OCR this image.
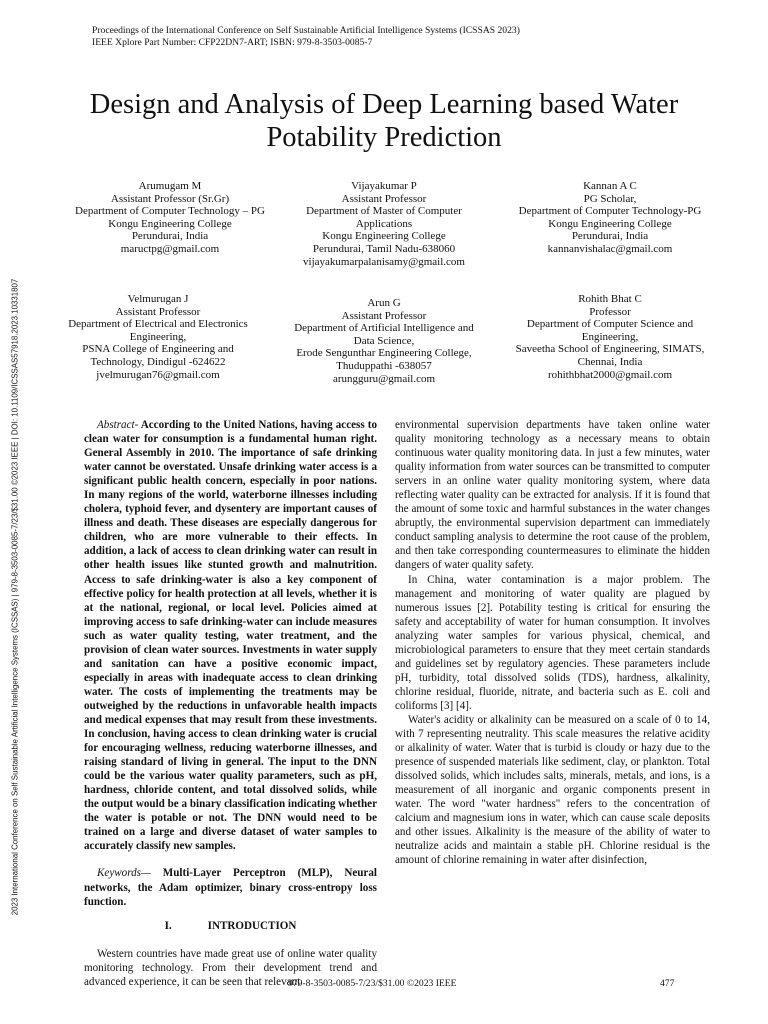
Proceedings of the International Conference on Self Sustainable Artificial Intelligence Systems (ICSSAS 2023)
IEEE Xplore Part Number: CFP22DN7-ART; ISBN: 979-8-3503-0085-7
Design and Analysis of Deep Learning based Water
Potability Prediction
Arumugam M
Assistant Professor (Sr.Gr)
Department of Computer Technology – PG
Kongu Engineering College
Perundurai, India
maructpg@gmail.com
Vijayakumar P
Assistant Professor
Department of Master of Computer
Applications
Kongu Engineering College
Perundurai, Tamil Nadu-638060
vijayakumarpalanisamy@gmail.com
Kannan A C
PG Scholar,
Department of Computer Technology-PG
Kongu Engineering College
Perundurai, India
kannanvishalac@gmail.com
Velmurugan J
Assistant Professor
Department of Electrical and Electronics
Engineering,
PSNA College of Engineering and
Technology, Dindigul -624622
jvelmurugan76@gmail.com
Arun G
Assistant Professor
Department of Artificial Intelligence and
Data Science,
Erode Sengunthar Engineering College,
Thuduppathi -638057
arungguru@gmail.com
Rohith Bhat C
Professor
Department of Computer Science and
Engineering,
Saveetha School of Engineering, SIMATS,
Chennai, India
rohithbhat2000@gmail.com
2023 International Conference on Self Sustainable Artificial Intelligence Systems (ICSSAS) | 979-8-3503-0085-7/23/$31.00 ©2023 IEEE | DOI: 10.1109/ICSSAS57918.2023.10331807	Abstract- According to the United Nations, having access to clean water for consumption is a fundamental human right. General Assembly in 2010. The importance of safe drinking water cannot be overstated. Unsafe drinking water access is a significant public health concern, especially in poor nations. In many regions of the world, waterborne illnesses including cholera, typhoid fever, and dysentery are important causes of illness and death. These diseases are especially dangerous for children, who are more vulnerable to their effects. In addition, a lack of access to clean drinking water can result in other health issues like stunted growth and malnutrition. Access to safe drinking-water is also a key component of effective policy for health protection at all levels, whether it is at the national, regional, or local level. Policies aimed at improving access to safe drinking-water can include measures such as water quality testing, water treatment, and the provision of clean water sources. Investments in water supply and sanitation can have a positive economic impact, especially in areas with inadequate access to clean drinking water. The costs of implementing the treatments may be outweighed by the reductions in unfavorable health impacts and medical expenses that may result from these investments. In conclusion, having access to clean drinking water is crucial for encouraging wellness, reducing waterborne illnesses, and raising standard of living in general. The input to the DNN could be the various water quality parameters, such as pH, hardness, chloride content, and total dissolved solids, while the output would be a binary classification indicating whether the water is potable or not. The DNN would need to be trained on a large and diverse dataset of water samples to accurately classify new samples.

Keywords— Multi-Layer Perceptron (MLP), Neural networks, the Adam optimizer, binary cross-entropy loss function.

I.	INTRODUCTION

Western countries have made great use of online water quality monitoring technology. From their development trend and advanced experience, it can be seen that relevant

environmental supervision departments have taken online water quality monitoring technology as a necessary means to obtain continuous water quality monitoring data. In just a few minutes, water quality information from water sources can be transmitted to computer servers in an online water quality monitoring system, where data reflecting water quality can be extracted for analysis. If it is found that the amount of some toxic and harmful substances in the water changes abruptly, the environmental supervision department can immediately conduct sampling analysis to determine the root cause of the problem, and then take corresponding countermeasures to eliminate the hidden dangers of water quality safety.

In China, water contamination is a major problem. The management and monitoring of water quality are plagued by numerous issues [2]. Potability testing is critical for ensuring the safety and acceptability of water for human consumption. It involves analyzing water samples for various physical, chemical, and microbiological parameters to ensure that they meet certain standards and guidelines set by regulatory agencies. These parameters include pH, turbidity, total dissolved solids (TDS), hardness, alkalinity, chlorine residual, fluoride, nitrate, and bacteria such as E. coli and coliforms [3] [4].

Water's acidity or alkalinity can be measured on a scale of 0 to 14, with 7 representing neutrality. This scale measures the relative acidity or alkalinity of water. Water that is turbid is cloudy or hazy due to the presence of suspended materials like sediment, clay, or plankton. Total dissolved solids, which includes salts, minerals, metals, and ions, is a measurement of all inorganic and organic components present in water. The word "water hardness" refers to the concentration of calcium and magnesium ions in water, which can cause scale deposits and other issues. Alkalinity is the measure of the ability of water to neutralize acids and maintain a stable pH. Chlorine residual is the amount of chlorine remaining in water after disinfection,

979-8-3503-0085-7/23/$31.00 ©2023 IEEE	477
